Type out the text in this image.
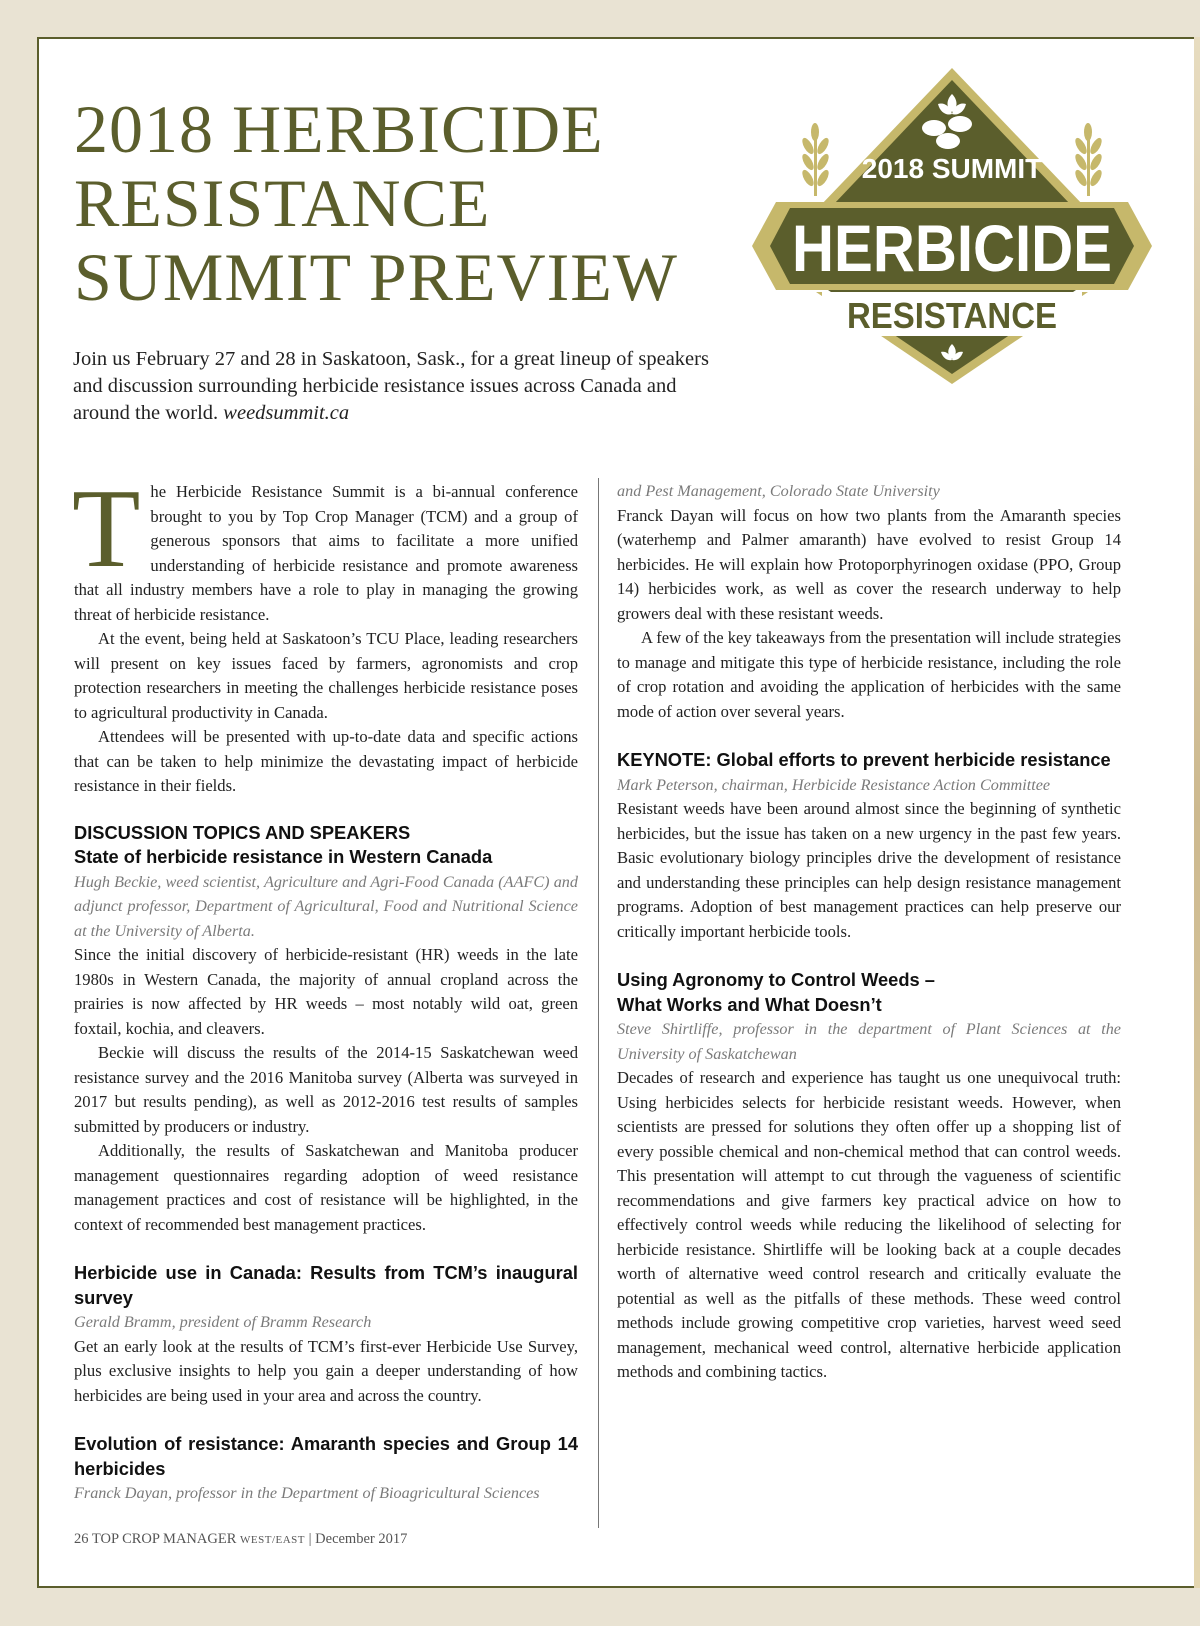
2018 HERBICIDE
RESISTANCE
SUMMIT PREVIEW

Join us February 27 and 28 in Saskatoon, Sask., for a great lineup of speakers and discussion surrounding herbicide resistance issues across Canada and around the world. weedsummit.ca

2018 SUMMIT
HERBICIDE
RESISTANCE

The Herbicide Resistance Summit is a bi-annual conference brought to you by Top Crop Manager (TCM) and a group of generous sponsors that aims to facilitate a more unified understanding of herbicide resistance and promote awareness that all industry members have a role to play in managing the growing threat of herbicide resistance.

At the event, being held at Saskatoon’s TCU Place, leading researchers will present on key issues faced by farmers, agronomists and crop protection researchers in meeting the challenges herbicide resistance poses to agricultural productivity in Canada.

Attendees will be presented with up-to-date data and specific actions that can be taken to help minimize the devastating impact of herbicide resistance in their fields.

DISCUSSION TOPICS AND SPEAKERS
State of herbicide resistance in Western Canada

Hugh Beckie, weed scientist, Agriculture and Agri-Food Canada (AAFC) and adjunct professor, Department of Agricultural, Food and Nutritional Science at the University of Alberta.

Since the initial discovery of herbicide-resistant (HR) weeds in the late 1980s in Western Canada, the majority of annual cropland across the prairies is now affected by HR weeds – most notably wild oat, green foxtail, kochia, and cleavers.

Beckie will discuss the results of the 2014-15 Saskatchewan weed resistance survey and the 2016 Manitoba survey (Alberta was surveyed in 2017 but results pending), as well as 2012-2016 test results of samples submitted by producers or industry.

Additionally, the results of Saskatchewan and Manitoba producer management questionnaires regarding adoption of weed resistance management practices and cost of resistance will be highlighted, in the context of recommended best management practices.

Herbicide use in Canada: Results from TCM’s inaugural survey

Gerald Bramm, president of Bramm Research

Get an early look at the results of TCM’s first-ever Herbicide Use Survey, plus exclusive insights to help you gain a deeper understanding of how herbicides are being used in your area and across the country.

Evolution of resistance: Amaranth species and Group 14 herbicides

Franck Dayan, professor in the Department of Bioagricultural Sciences

and Pest Management, Colorado State University

Franck Dayan will focus on how two plants from the Amaranth species (waterhemp and Palmer amaranth) have evolved to resist Group 14 herbicides. He will explain how Protoporphyrinogen oxidase (PPO, Group 14) herbicides work, as well as cover the research underway to help growers deal with these resistant weeds.

A few of the key takeaways from the presentation will include strategies to manage and mitigate this type of herbicide resistance, including the role of crop rotation and avoiding the application of herbicides with the same mode of action over several years.

KEYNOTE: Global efforts to prevent herbicide resistance

Mark Peterson, chairman, Herbicide Resistance Action Committee

Resistant weeds have been around almost since the beginning of synthetic herbicides, but the issue has taken on a new urgency in the past few years. Basic evolutionary biology principles drive the development of resistance and understanding these principles can help design resistance management programs. Adoption of best management practices can help preserve our critically important herbicide tools.

Using Agronomy to Control Weeds –
What Works and What Doesn’t

Steve Shirtliffe, professor in the department of Plant Sciences at the University of Saskatchewan

Decades of research and experience has taught us one unequivocal truth: Using herbicides selects for herbicide resistant weeds. However, when scientists are pressed for solutions they often offer up a shopping list of every possible chemical and non-chemical method that can control weeds. This presentation will attempt to cut through the vagueness of scientific recommendations and give farmers key practical advice on how to effectively control weeds while reducing the likelihood of selecting for herbicide resistance. Shirtliffe will be looking back at a couple decades worth of alternative weed control research and critically evaluate the potential as well as the pitfalls of these methods. These weed control methods include growing competitive crop varieties, harvest weed seed management, mechanical weed control, alternative herbicide application methods and combining tactics.

26 TOP CROP MANAGER WEST/EAST | December 2017
